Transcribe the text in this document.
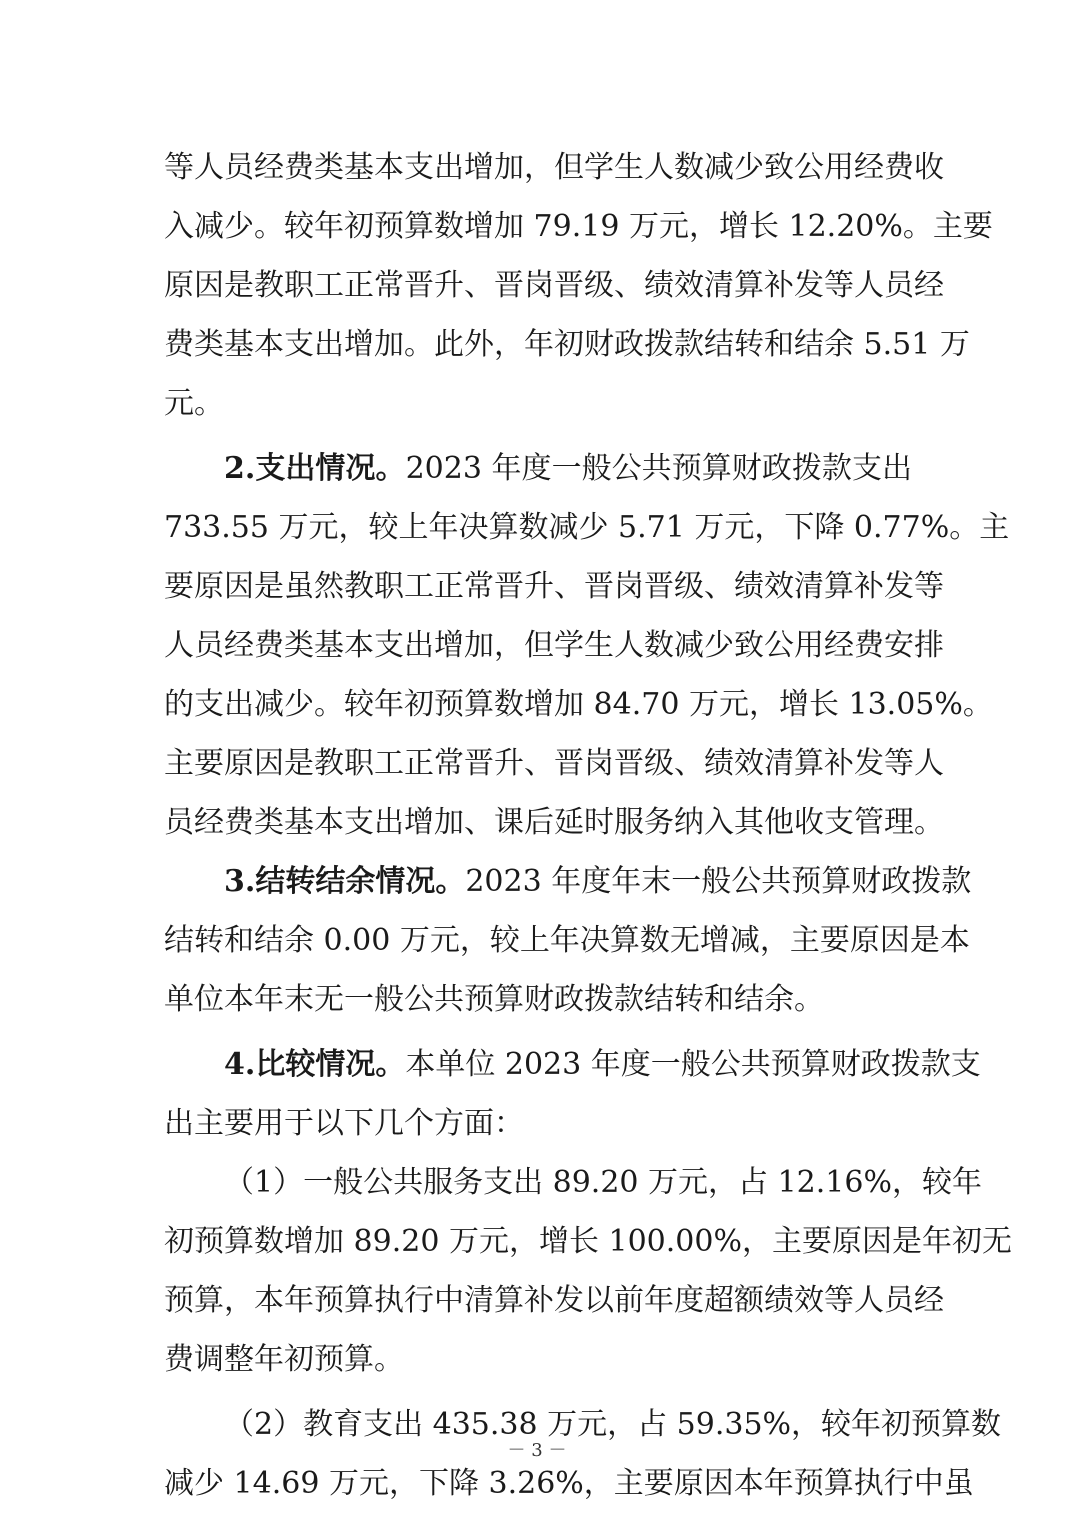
等人员经费类基本支出增加，但学生人数减少致公用经费收
入减少。较年初预算数增加 79.19 万元，增长 12.20%。主要
原因是教职工正常晋升、晋岗晋级、绩效清算补发等人员经
费类基本支出增加。此外，年初财政拨款结转和结余 5.51 万
元。
2.支出情况。2023 年度一般公共预算财政拨款支出
733.55 万元，较上年决算数减少 5.71 万元，下降 0.77%。主
要原因是虽然教职工正常晋升、晋岗晋级、绩效清算补发等
人员经费类基本支出增加，但学生人数减少致公用经费安排
的支出减少。较年初预算数增加 84.70 万元，增长 13.05%。
主要原因是教职工正常晋升、晋岗晋级、绩效清算补发等人
员经费类基本支出增加、课后延时服务纳入其他收支管理。
3.结转结余情况。2023 年度年末一般公共预算财政拨款
结转和结余 0.00 万元，较上年决算数无增减，主要原因是本
单位本年末无一般公共预算财政拨款结转和结余。
4.比较情况。本单位 2023 年度一般公共预算财政拨款支
出主要用于以下几个方面：
（1）一般公共服务支出 89.20 万元，占 12.16%，较年
初预算数增加 89.20 万元，增长 100.00%，主要原因是年初无
预算，本年预算执行中清算补发以前年度超额绩效等人员经
费调整年初预算。
（2）教育支出 435.38 万元，占 59.35%，较年初预算数
减少 14.69 万元，下降 3.26%，主要原因本年预算执行中虽
－ 3 －
